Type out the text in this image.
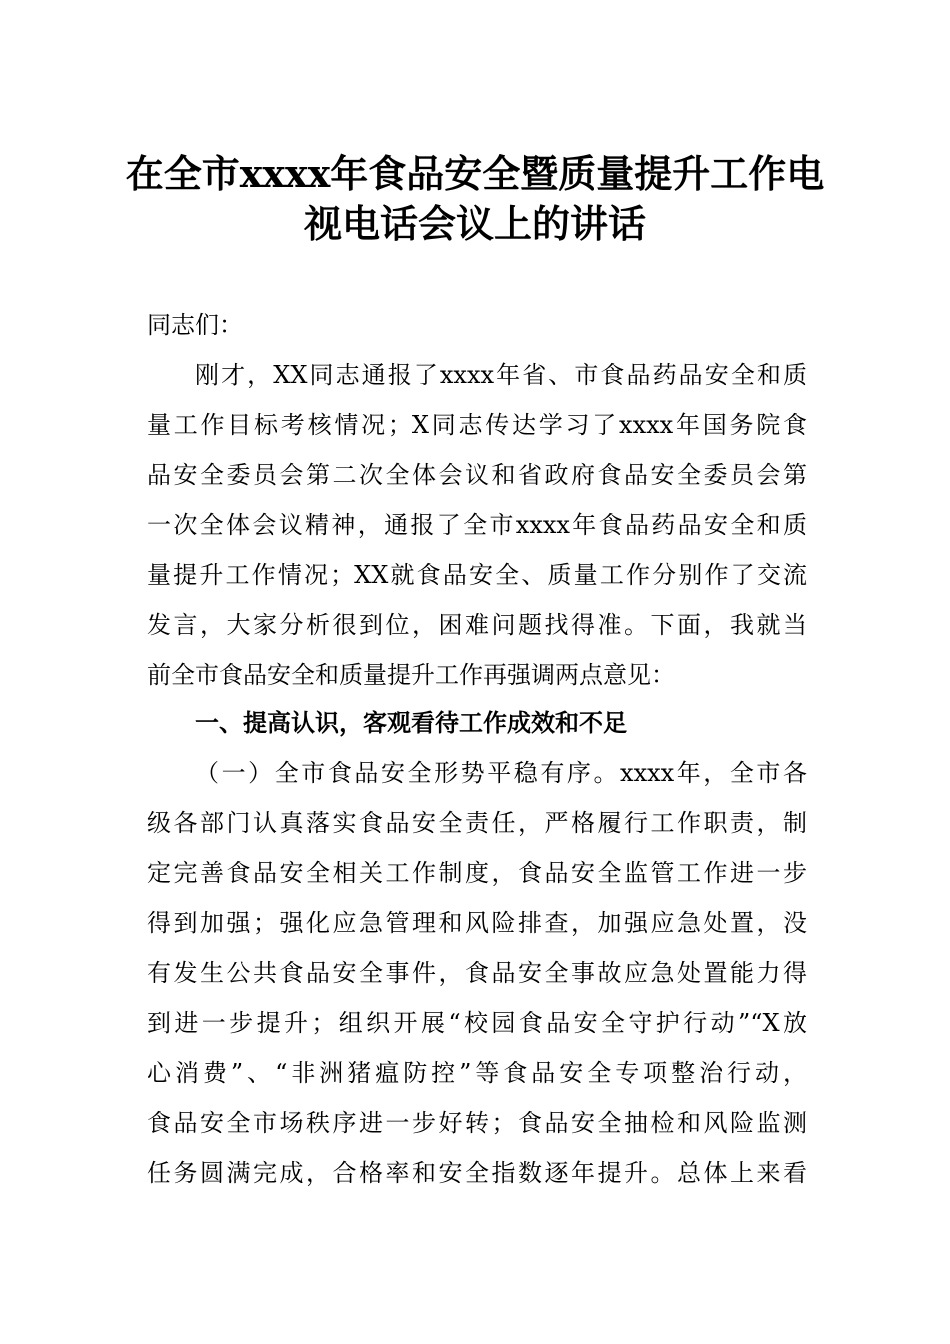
在全市xxxx年食品安全暨质量提升工作电
视电话会议上的讲话
同志们：
刚才，XX同志通报了xxxx年省、市食品药品安全和质
量工作目标考核情况；X同志传达学习了xxxx年国务院食
品安全委员会第二次全体会议和省政府食品安全委员会第
一次全体会议精神，通报了全市xxxx年食品药品安全和质
量提升工作情况；XX就食品安全、质量工作分别作了交流
发言，大家分析很到位，困难问题找得准。下面，我就当
前全市食品安全和质量提升工作再强调两点意见：
一、提高认识，客观看待工作成效和不足
（一）全市食品安全形势平稳有序。xxxx年，全市各
级各部门认真落实食品安全责任，严格履行工作职责，制
定完善食品安全相关工作制度，食品安全监管工作进一步
得到加强；强化应急管理和风险排查，加强应急处置，没
有发生公共食品安全事件，食品安全事故应急处置能力得
到进一步提升；组织开展“校园食品安全守护行动”“X放
心消费”、“非洲猪瘟防控”等食品安全专项整治行动，
食品安全市场秩序进一步好转；食品安全抽检和风险监测
任务圆满完成，合格率和安全指数逐年提升。总体上来看
